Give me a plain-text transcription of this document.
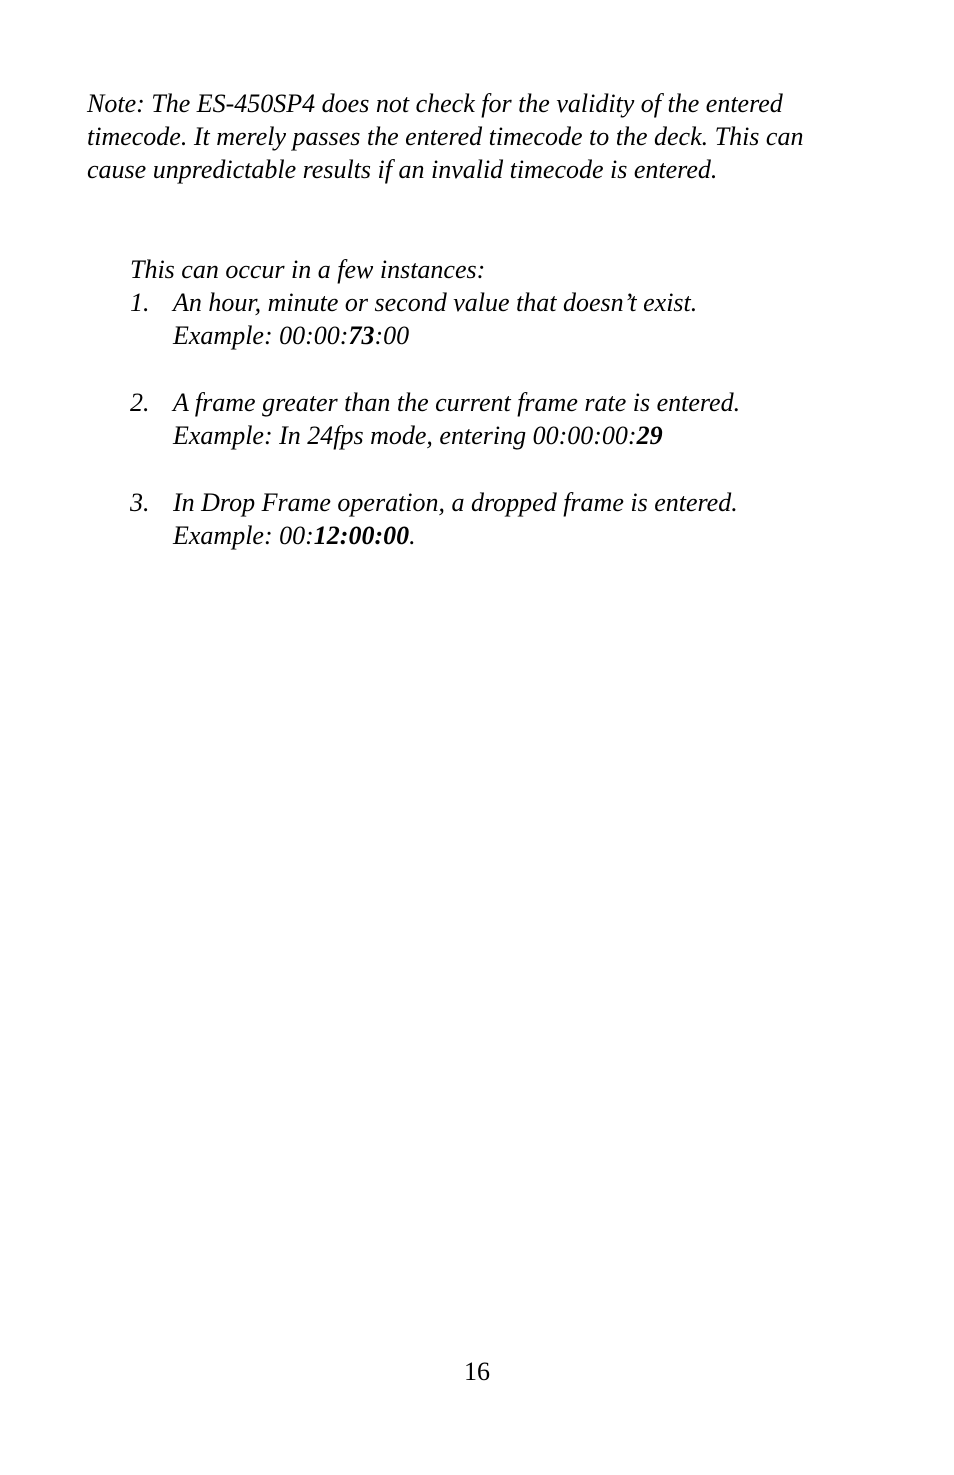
Note: The ES-450SP4 does not check for the validity of the entered timecode. It merely passes the entered timecode to the deck. This can cause unpredictable results if an invalid timecode is entered.

This can occur in a few instances:

1. An hour, minute or second value that doesn’t exist.
Example: 00:00:73:00
2. A frame greater than the current frame rate is entered.
Example: In 24fps mode, entering 00:00:00:29
3. In Drop Frame operation, a dropped frame is entered.
Example: 00:12:00:00.

16
